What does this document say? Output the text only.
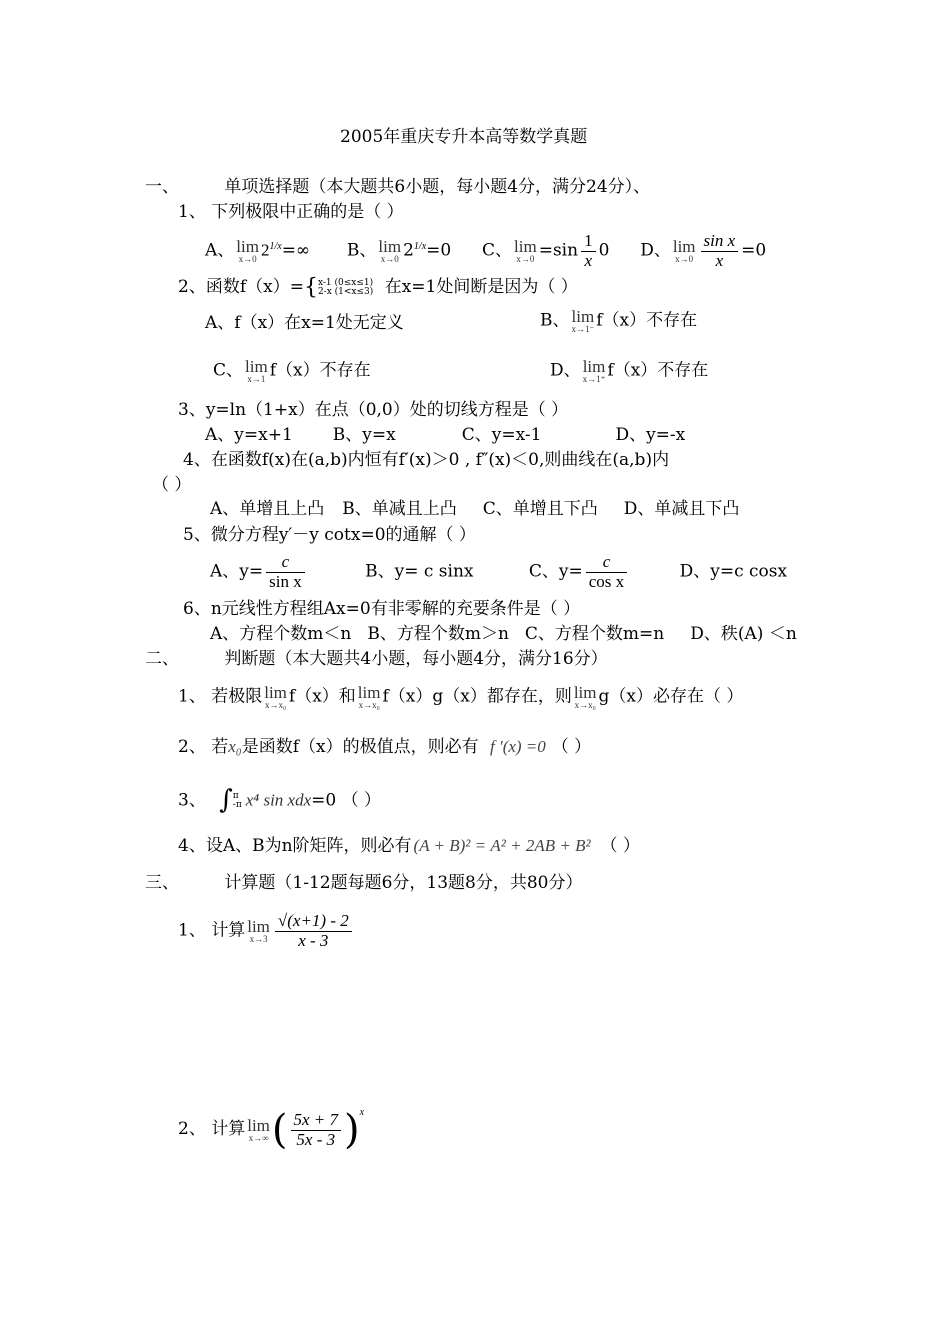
2005年重庆专升本高等数学真题
一、	单项选择题（本大题共6小题，每小题4分，满分24分）、
1、 下列极限中正确的是（ ）
A、 lim
x→0 $2^{1/x}=\infty$ B、 lim
x→0 $2^{1/x}=0$ C、 lim
$x\to 0 =\sin \frac{1}{x} 0$ D、 lim
$x\to 0 \frac{\text{sin x}}{x} =0$
2、函数f（x）={ x-1 (0≤x≤1)
2-x (1<x≤3) 在x=1处间断是因为（ ）
A、f（x）在x=1处无定义	B、 lim
x→1⁻ f（x）不存在
C、 lim
x→1 f（x）不存在	D、 lim
x→1⁺ f（x）不存在
3、y=ln（1+x）在点（0,0）处的切线方程是（ ）
A、y=x+1 B、y=x	C、y=x-1	D、y=-x
4、在函数f(x)在(a,b)内恒有f′(x)＞0 , f″(x)＜0,则曲线在(a,b)内
（ ）
A、单增且上凸 B、单减且上凸 C、单增且下凸 D、单减且下凸
5、微分方程y′－y cotx=0的通解（ ）
A、$y= \frac{c}{\text{sin x}}$	B、y= c sinx	C、$y= \frac{c}{\text{cos x}}$	D、y=c cosx
6、n元线性方程组Ax=0有非零解的充要条件是（ ）
A、方程个数m＜n B、方程个数m＞n C、方程个数m=n D、秩(A) ＜n
二、	判断题（本大题共4小题，每小题4分，满分16分）
1、 若极限 lim
x→x₀ f（x）和 lim
x→x₀ f（x）g（x）都存在，则 lim
x→x₀ g（x）必存在（ ）
2、 若x₀是函数f（x）的极值点，则必有 f ′(x) =0 （ ）
3、 ∫ π
-π x⁴ sin xdx=0 （ ）
4、设A、B为n阶矩阵，则必有 (A + B)² = A² + 2AB + B² （ ）
三、	计算题（1-12题每题6分，13题8分，共80分）
1、 计算 lim
$x\to 3 \frac{√(x+1) - 2}{x - 3}$
2、 计算 lim
x→∞ ( $\frac{5x + 7}{5x - 3} )^x$
